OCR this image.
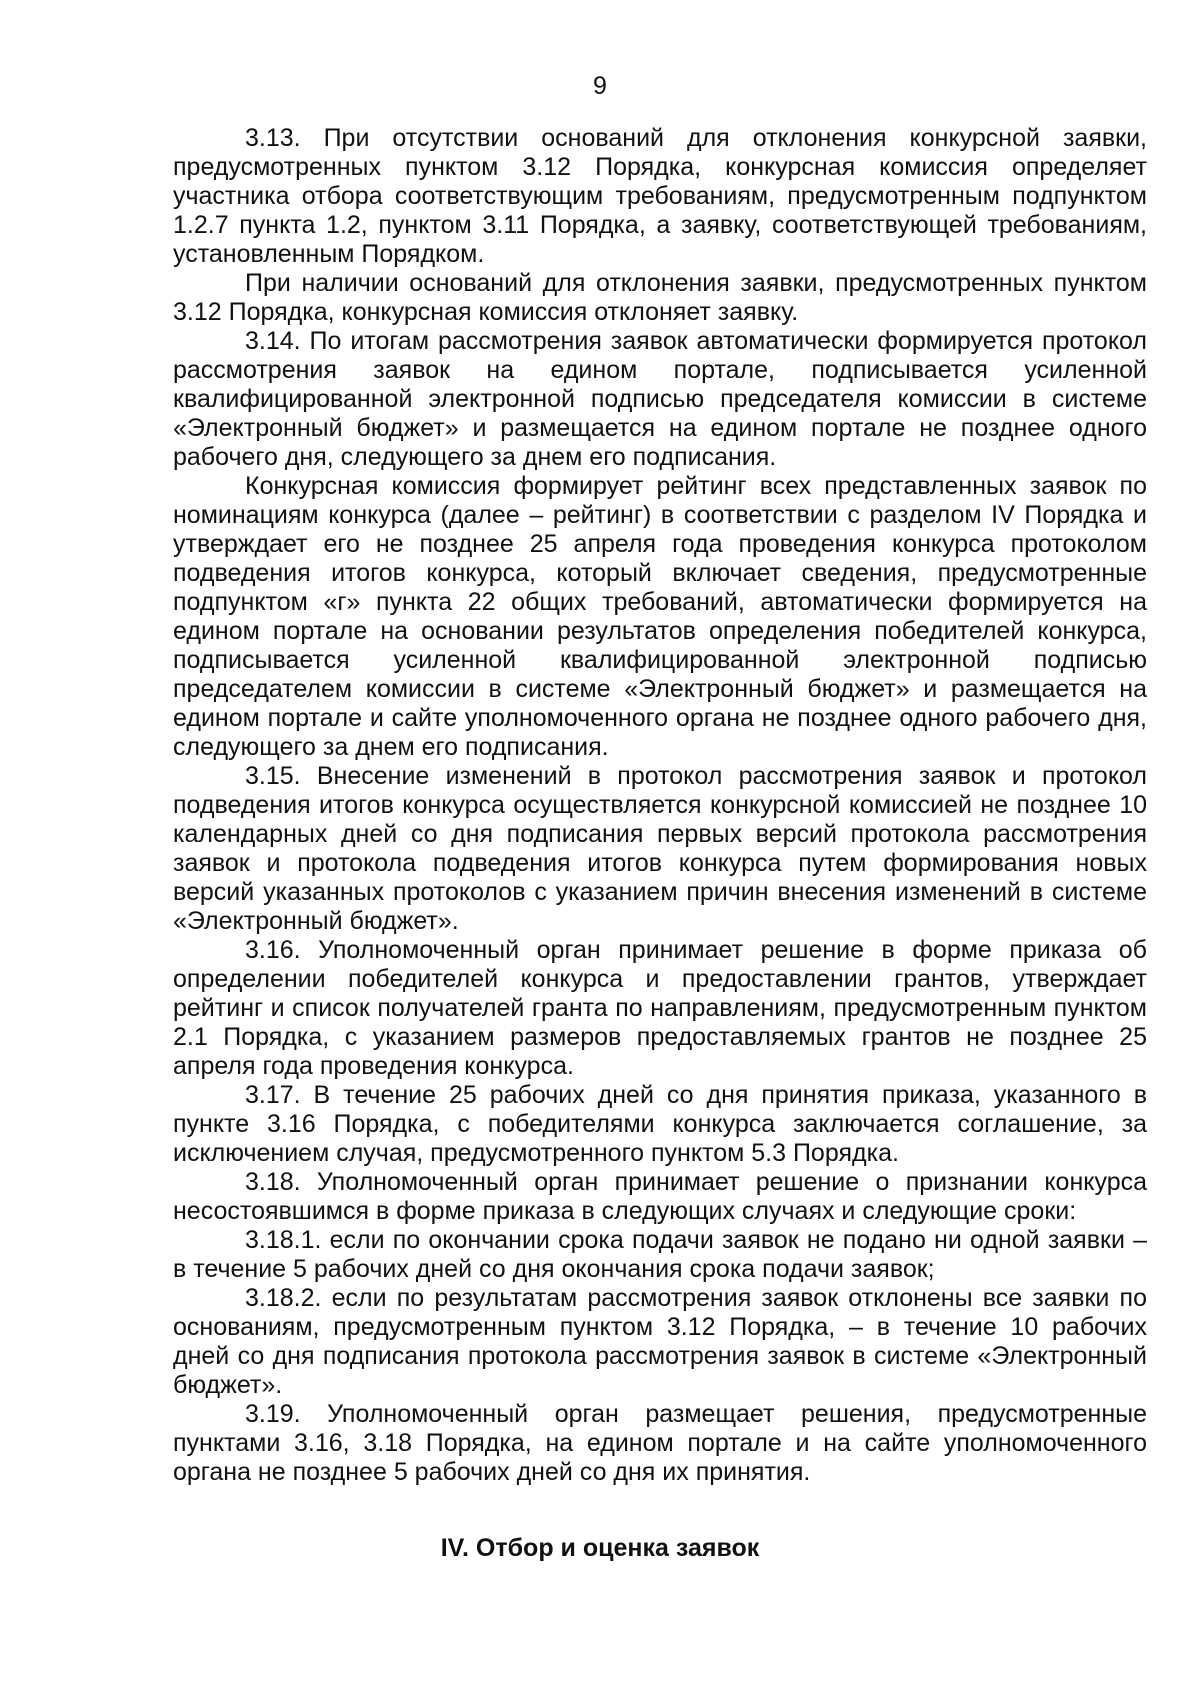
9

3.13. При отсутствии оснований для отклонения конкурсной заявки, предусмотренных пунктом 3.12 Порядка, конкурсная комиссия определяет участника отбора соответствующим требованиям, предусмотренным подпунктом 1.2.7 пункта 1.2, пунктом 3.11 Порядка, а заявку, соответствующей требованиям, установленным Порядком.

При наличии оснований для отклонения заявки, предусмотренных пунктом 3.12 Порядка, конкурсная комиссия отклоняет заявку.

3.14. По итогам рассмотрения заявок автоматически формируется протокол рассмотрения заявок на едином портале, подписывается усиленной квалифицированной электронной подписью председателя комиссии в системе «Электронный бюджет» и размещается на едином портале не позднее одного рабочего дня, следующего за днем его подписания.

Конкурсная комиссия формирует рейтинг всех представленных заявок по номинациям конкурса (далее – рейтинг) в соответствии с разделом IV Порядка и утверждает его не позднее 25 апреля года проведения конкурса протоколом подведения итогов конкурса, который включает сведения, предусмотренные подпунктом «г» пункта 22 общих требований, автоматически формируется на едином портале на основании результатов определения победителей конкурса, подписывается усиленной квалифицированной электронной подписью председателем комиссии в системе «Электронный бюджет» и размещается на едином портале и сайте уполномоченного органа не позднее одного рабочего дня, следующего за днем его подписания.

3.15. Внесение изменений в протокол рассмотрения заявок и протокол подведения итогов конкурса осуществляется конкурсной комиссией не позднее 10 календарных дней со дня подписания первых версий протокола рассмотрения заявок и протокола подведения итогов конкурса путем формирования новых версий указанных протоколов с указанием причин внесения изменений в системе «Электронный бюджет».

3.16. Уполномоченный орган принимает решение в форме приказа об определении победителей конкурса и предоставлении грантов, утверждает рейтинг и список получателей гранта по направлениям, предусмотренным пунктом 2.1 Порядка, с указанием размеров предоставляемых грантов не позднее 25 апреля года проведения конкурса.

3.17. В течение 25 рабочих дней со дня принятия приказа, указанного в пункте 3.16 Порядка, с победителями конкурса заключается соглашение, за исключением случая, предусмотренного пунктом 5.3 Порядка.

3.18. Уполномоченный орган принимает решение о признании конкурса несостоявшимся в форме приказа в следующих случаях и следующие сроки:

3.18.1. если по окончании срока подачи заявок не подано ни одной заявки – в течение 5 рабочих дней со дня окончания срока подачи заявок;

3.18.2. если по результатам рассмотрения заявок отклонены все заявки по основаниям, предусмотренным пунктом 3.12 Порядка, – в течение 10 рабочих дней со дня подписания протокола рассмотрения заявок в системе «Электронный бюджет».

3.19. Уполномоченный орган размещает решения, предусмотренные пунктами 3.16, 3.18 Порядка, на едином портале и на сайте уполномоченного органа не позднее 5 рабочих дней со дня их принятия.

IV. Отбор и оценка заявок
